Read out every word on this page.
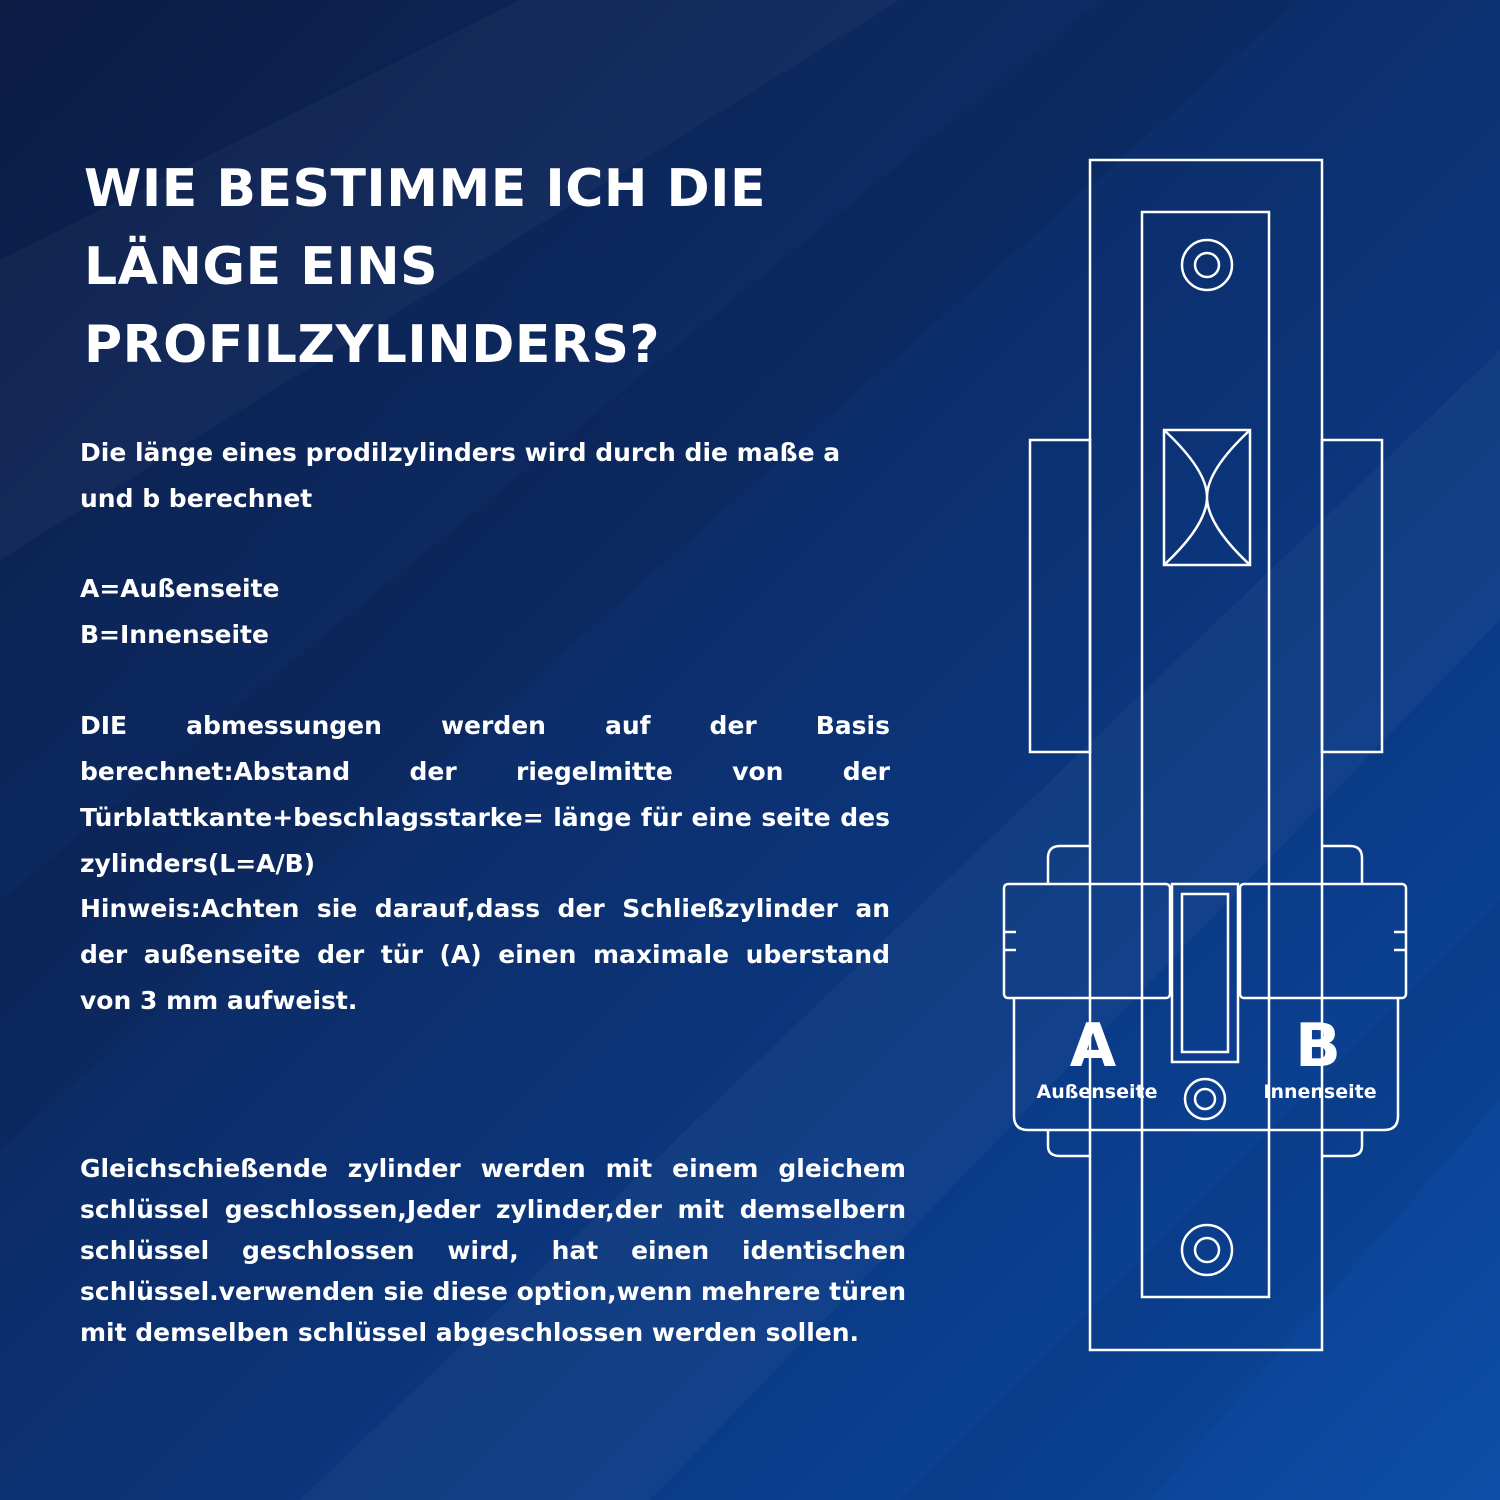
WIE BESTIMME ICH DIE LÄNGE EINS PROFILZYLINDERS?

Die länge eines prodilzylinders wird durch die maße a und b berechnet

A=Außenseite

B=Innenseite

DIE abmessungen werden auf der Basis berechnet:Abstand der riegelmitte von der Türblattkante+beschlagsstarke= länge für eine seite des zylinders(L=A/B)

Hinweis:Achten sie darauf,dass der Schließzylinder an der außenseite der tür (A) einen maximale uberstand von 3 mm aufweist.

Gleichschießende zylinder werden mit einem gleichem schlüssel geschlossen,Jeder zylinder,der mit demselbern schlüssel geschlossen wird, hat einen identischen schlüssel.verwenden sie diese option,wenn mehrere türen mit demselben schlüssel abgeschlossen werden sollen.

A
Außenseite
B
Innenseite
